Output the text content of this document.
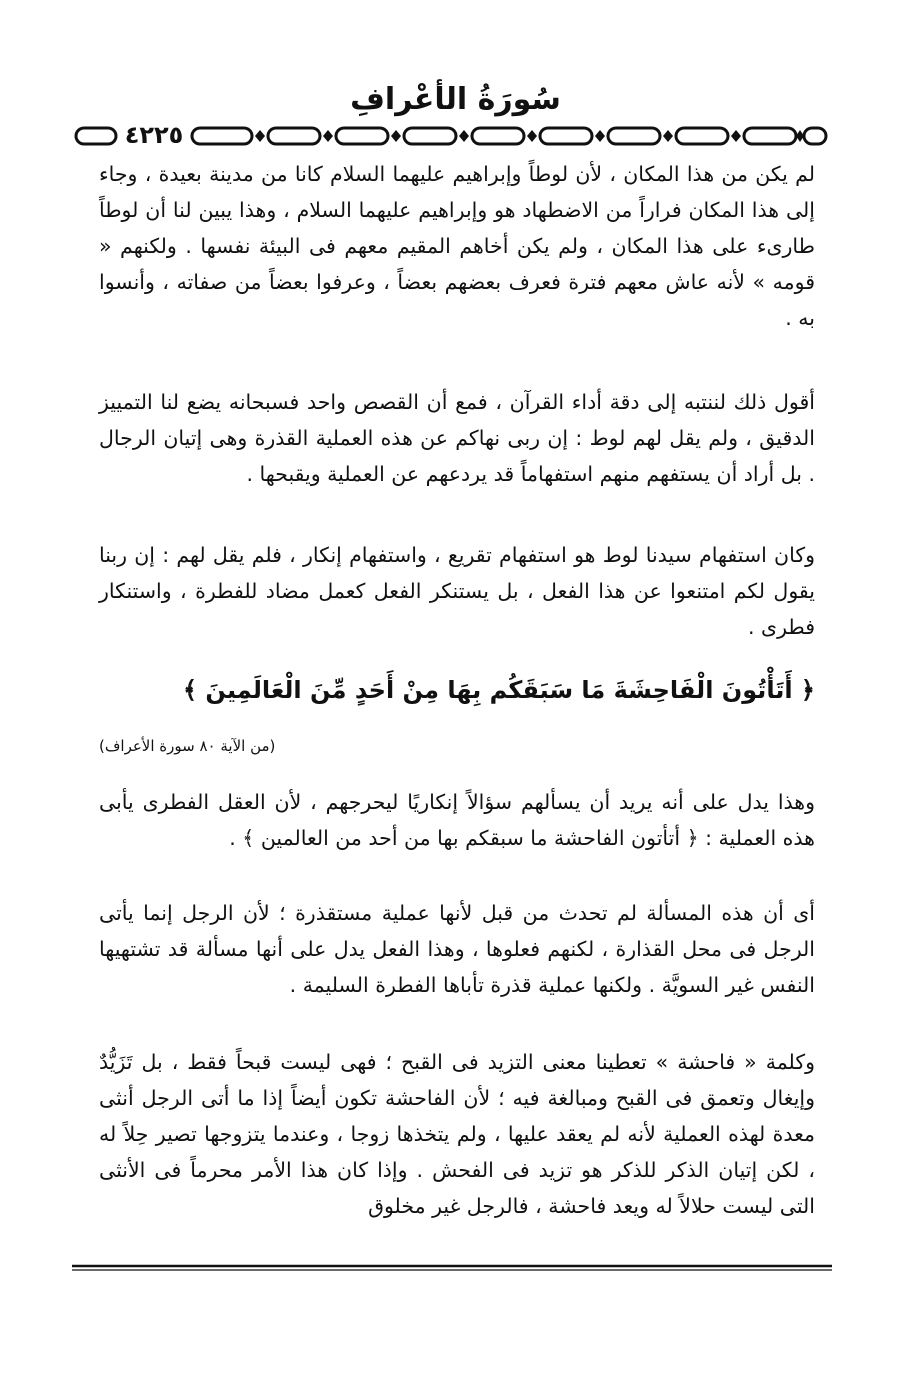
سُورَةُ الأعْرافِ
٤٢٢٥

لم يكن من هذا المكان ، لأن لوطاً وإبراهيم عليهما السلام كانا من مدينة بعيدة ، وجاء إلى هذا المكان فراراً من الاضطهاد هو وإبراهيم عليهما السلام ، وهذا يبين لنا أن لوطاً طارىء على هذا المكان ، ولم يكن أخاهم المقيم معهم فى البيئة نفسها . ولكنهم « قومه » لأنه عاش معهم فترة فعرف بعضهم بعضاً ، وعرفوا بعضاً من صفاته ، وأنسوا به .

أقول ذلك لننتبه إلى دقة أداء القرآن ، فمع أن القصص واحد فسبحانه يضع لنا التمييز الدقيق ، ولم يقل لهم لوط : إن ربى نهاكم عن هذه العملية القذرة وهى إتيان الرجال . بل أراد أن يستفهم منهم استفهاماً قد يردعهم عن العملية ويقبحها .

وكان استفهام سيدنا لوط هو استفهام تقريع ، واستفهام إنكار ، فلم يقل لهم : إن ربنا يقول لكم امتنعوا عن هذا الفعل ، بل يستنكر الفعل كعمل مضاد للفطرة ، واستنكار فطرى .

﴿ أَتَأْتُونَ الْفَاحِشَةَ مَا سَبَقَكُم بِهَا مِنْ أَحَدٍ مِّنَ الْعَالَمِينَ ﴾

(من الآية ٨٠ سورة الأعراف)

وهذا يدل على أنه يريد أن يسألهم سؤالاً إنكاريًا ليحرجهم ، لأن العقل الفطرى يأبى هذه العملية : ﴿ أتأتون الفاحشة ما سبقكم بها من أحد من العالمين ﴾ .

أى أن هذه المسألة لم تحدث من قبل لأنها عملية مستقذرة ؛ لأن الرجل إنما يأتى الرجل فى محل القذارة ، لكنهم فعلوها ، وهذا الفعل يدل على أنها مسألة قد تشتهيها النفس غير السويَّة . ولكنها عملية قذرة تأباها الفطرة السليمة .

وكلمة « فاحشة » تعطينا معنى التزيد فى القبح ؛ فهى ليست قبحاً فقط ، بل تَزَيُّدٌ وإيغال وتعمق فى القبح ومبالغة فيه ؛ لأن الفاحشة تكون أيضاً إذا ما أتى الرجل أنثى معدة لهذه العملية لأنه لم يعقد عليها ، ولم يتخذها زوجا ، وعندما يتزوجها تصير حِلاً له ، لكن إتيان الذكر للذكر هو تزيد فى الفحش . وإذا كان هذا الأمر محرماً فى الأنثى التى ليست حلالاً له ويعد فاحشة ، فالرجل غير مخلوق
